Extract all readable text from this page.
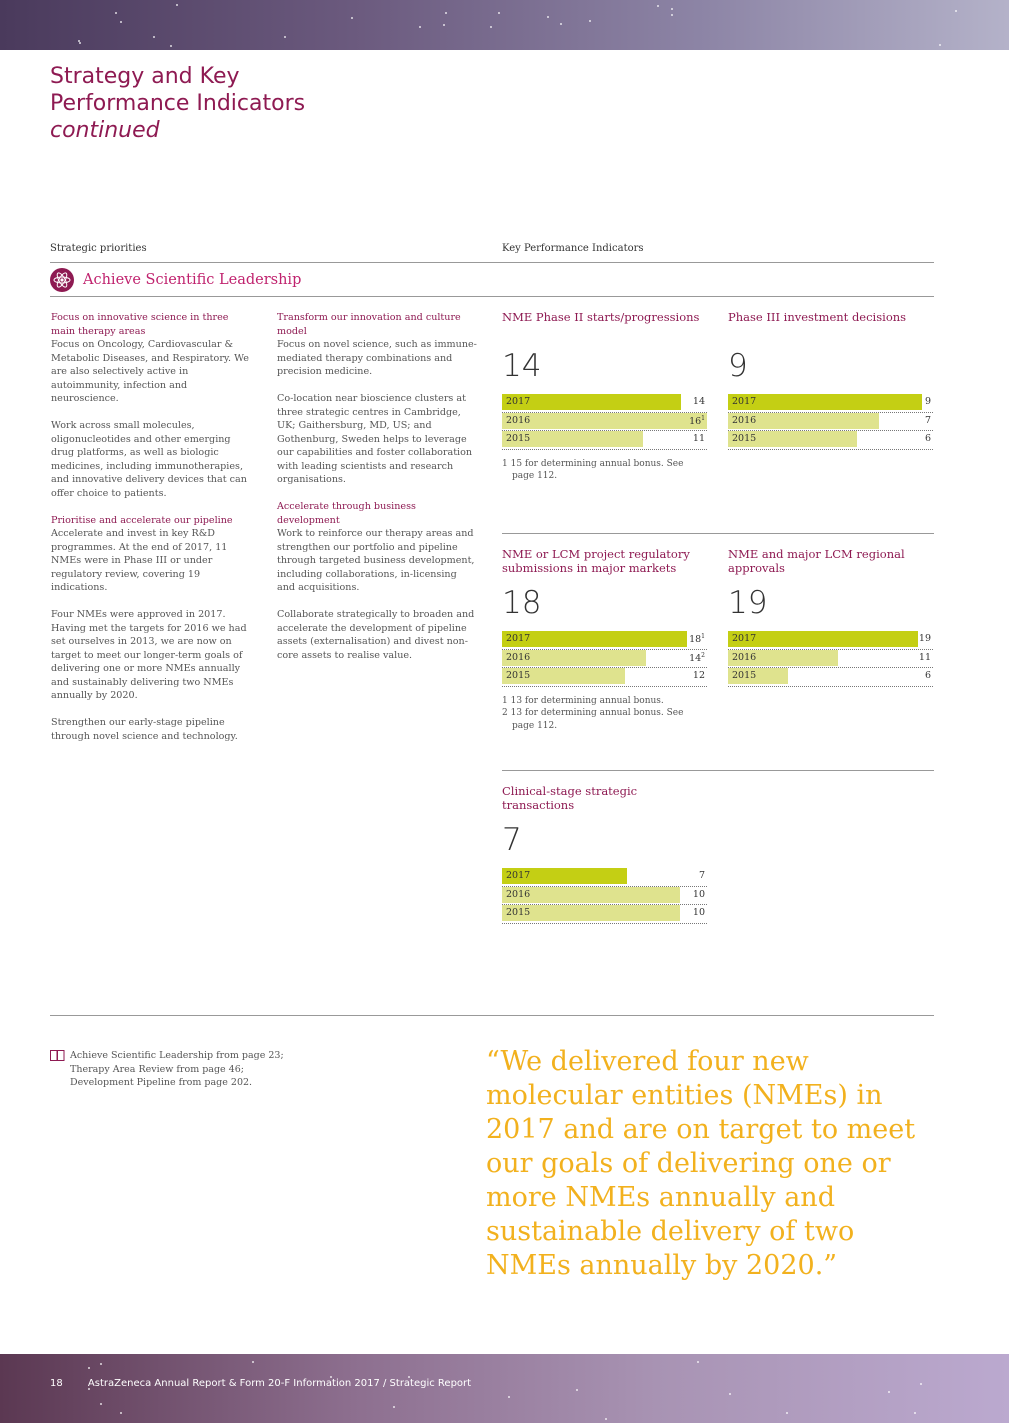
Strategy and Key
Performance Indicators
continued
Strategic priorities	Key Performance Indicators
Achieve Scientific Leadership

Focus on innovative science in three main therapy areas
Focus on Oncology, Cardiovascular & Metabolic Diseases, and Respiratory. We are also selectively active in autoimmunity, infection and neuroscience.

Work across small molecules, oligonucleotides and other emerging drug platforms, as well as biologic medicines, including immunotherapies, and innovative delivery devices that can offer choice to patients.

Prioritise and accelerate our pipeline
Accelerate and invest in key R&D programmes. At the end of 2017, 11 NMEs were in Phase III or under regulatory review, covering 19 indications.

Four NMEs were approved in 2017. Having met the targets for 2016 we had set ourselves in 2013, we are now on target to meet our longer-term goals of delivering one or more NMEs annually and sustainably delivering two NMEs annually by 2020.

Strengthen our early-stage pipeline through novel science and technology.

Transform our innovation and culture model
Focus on novel science, such as immune-mediated therapy combinations and precision medicine.

Co-location near bioscience clusters at three strategic centres in Cambridge, UK; Gaithersburg, MD, US; and Gothenburg, Sweden helps to leverage our capabilities and foster collaboration with leading scientists and research organisations.

Accelerate through business development
Work to reinforce our therapy areas and strengthen our portfolio and pipeline through targeted business development, including collaborations, in-licensing and acquisitions.

Collaborate strategically to broaden and accelerate the development of pipeline assets (externalisation) and divest non-core assets to realise value.

NME Phase II starts/progressions
14
2017	14
2016	$16^1$
2015	11
1 15 for determining annual bonus. See page 112.
Phase III investment decisions
9
2017	9
2016	7
2015	6
NME or LCM project regulatory submissions in major markets
18
2017	$18^1$
2016	$14^2$
2015	12
1 13 for determining annual bonus.
2 13 for determining annual bonus. See page 112.
NME and major LCM regional approvals
19
2017	19
2016	11
2015	6
Clinical-stage strategic transactions
7
2017	7
2016	10
2015	10
Achieve Scientific Leadership from page 23;
Therapy Area Review from page 46;
Development Pipeline from page 202.
“We delivered four new molecular entities (NMEs) in 2017 and are on target to meet our goals of delivering one or more NMEs annually and sustainable delivery of two NMEs annually by 2020.”
18	AstraZeneca Annual Report & Form 20-F Information 2017 / Strategic Report
